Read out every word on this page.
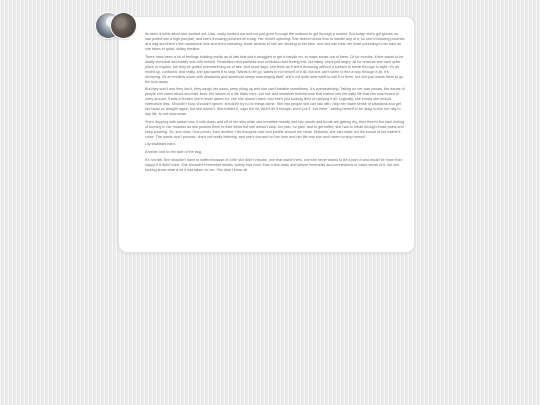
Its been a while since she worked out. Like, really worked out and not just gone through the motions to get through a routine. But today, she's got gloves on, hair pulled into a high ponytail, and she's throwing punches at a bag. Her mind's spinning. She doesn't know how to handle any of it, so she's throwing punches at a bag and there's the occasional kick and she's sweating, loose strands of hair are sticking to her face, and she can hear her heart pounding in her ears as she takes in quick, shaky breaths.

There have been a lot of feelings building inside as of late that she's struggled to get a handle on, to make sense out of them. Or for months, if she wants to be totally technical and totally real with herself. Frustration and sadness and confusion and feeling lost, but lately, she's just angry; all for reasons she can't quite place or explain, but they've gotten overwhelming as of late. And most days, she feels as if she's drowning without a surface to break through in sight. It's all mixed up, confused, and really, she just wants it to stop. Wants to let go, wants to rid herself of it all, but she can't seem to find a way through it all. It's drowning, it's an endless maze with deadends and somehow keeps rearranging itself, she's not quite sure what to call it or them, but she just wants them to go the fuck away.

But they won't and they don't, they weigh her down, keep piling up and she can't breathe sometimes. It's overwhelming. Taking on her own issues, the issues of people she cares about and their lives, the issues of a life that's hers, but not, and whatever bullshit from that leaked into her daily life that she was forced to carry around. It was a burden she's never asked for, one she doesn't want, and she's just fucking tired of carrying it all. Logically, she knows she should internalize less. Shouldn't bury, shouldn't ignore, shouldn't try to do things alone. She has people she can talk with, help her make sense of situations and get her head on straight again, but she doesn't. She bottles it, caps the lid. Won't let it escape, won't put it "out there", seeing herself to be okay, to live her day to day life, to not slow down.

She's dripping with sweat now, it rolls down and off of her skin while she breathes heavily and her mouth and throat are getting dry, then there's the faint feeling of burning in her muscles as she pushes them to their limits but she doesn't stop. No pain, no gain, and to get better, she had to break through those pains and keep pushing. So, she does. One punch, then another. Her thoughts race and jumble around her head. Distantly, she can make out the sound of her trainer's voice. The words don't process, she's not really listening, and she's focused on her form and her life and she can't seem to stop herself.

Lily swallows hard.

Another lock to the side of the bag.

It's not fair. She shouldn't have to suffer because of a life she didn't choose, one that wasn't hers, one she never asked to be a part of and would be more than happy if it didn't exist. She shouldn't remember details, barely had more than a few basic and simple memories and connections to make sense of it, but she fucking knew what a lot it had taken on her. She didn't know all
